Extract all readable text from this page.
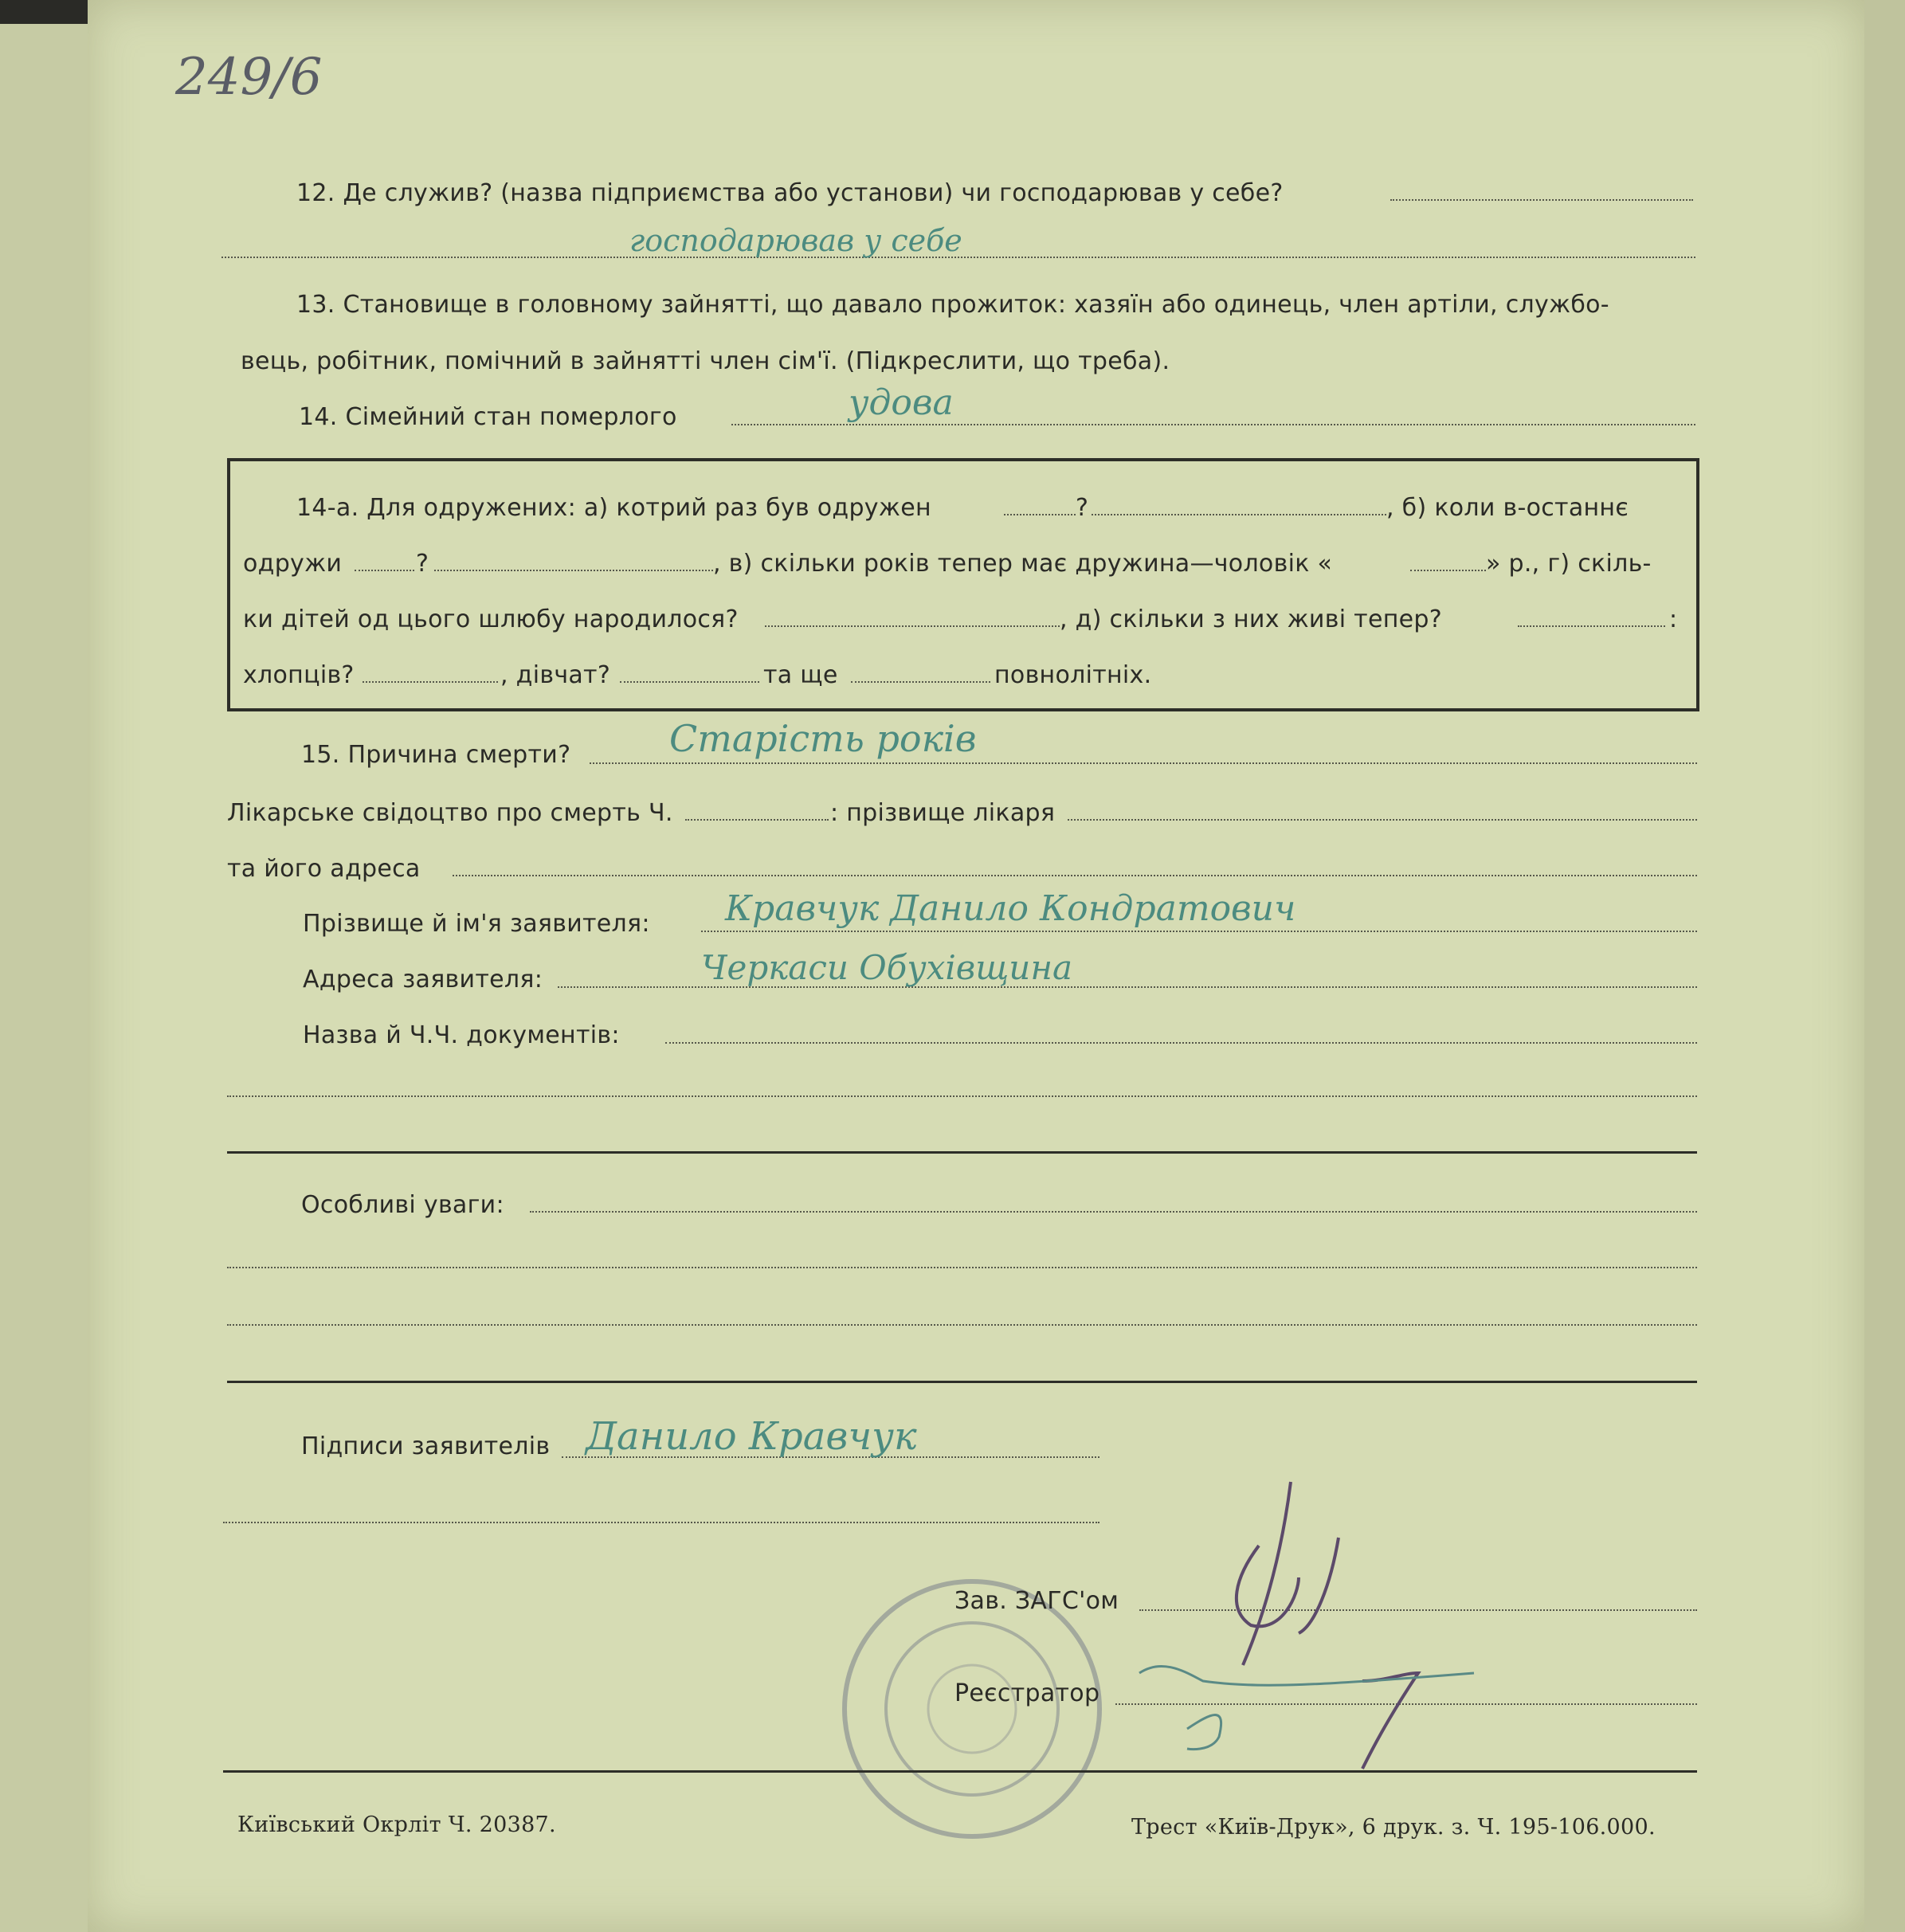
249/6
12. Де служив? (назва підприємства або установи) чи господарював у себе?
господарював у себе
13. Становище в головному зайнятті, що давало прожиток: хазяїн або одинець, член артіли, службо-
вець, робітник, помічний в зайнятті член сім'ї. (Підкреслити, що треба).
14. Сімейний стан померлого	удова
14-а. Для одружених: а) котрий раз був одружен	?	, б) коли в-останнє
одружи	?	, в) скільки років тепер має дружина—чоловік «	» р., г) скіль-
ки дітей од цього шлюбу народилося?	, д) скільки з них живі тепер?	:
хлопців?	, дівчат?	та ще	повнолітніх.
15. Причина смерти?	Старість років
Лікарське свідоцтво про смерть Ч.	: прізвище лікаря
та його адреса
Прізвище й ім'я заявителя: Кравчук Данило Кондратович
Адреса заявителя:	Черкаси Обухівщина
Назва й Ч.Ч. документів:
Особливі уваги:
Підписи заявителів Данило Кравчук
Зав. ЗАГС'ом
Реєстратор
Київський Окрліт Ч. 20387.	Трест «Київ-Друк», 6 друк. з. Ч. 195-106.000.
